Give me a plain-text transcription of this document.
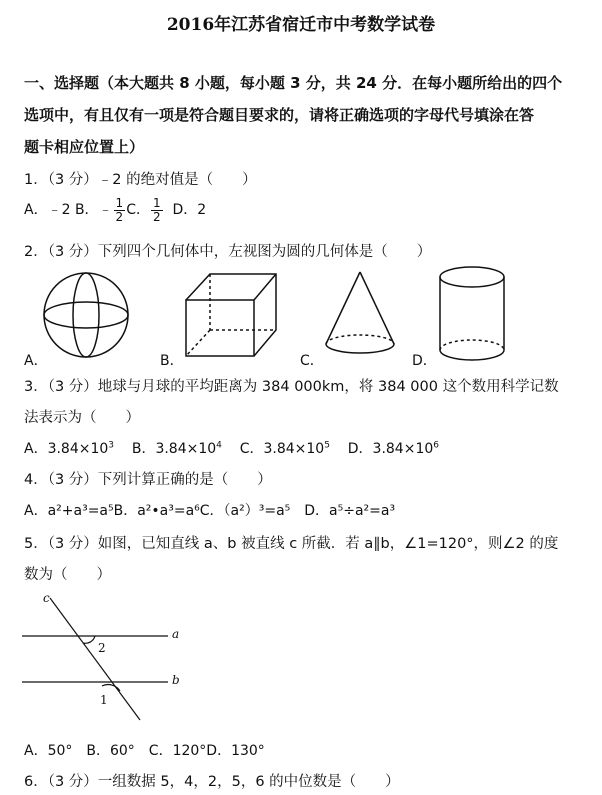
2016年江苏省宿迁市中考数学试卷
一、选择题（本大题共 8 小题，每小题 3 分，共 24 分．在每小题所给出的四个
选项中，有且仅有一项是符合题目要求的，请将正确选项的字母代号填涂在答
题卡相应位置上）
1．（3 分）﹣2 的绝对值是（　　）
A．﹣2 B．﹣ $\frac{1}{2}$ C． $\frac{1}{2}$ D．2
2．（3 分）下列四个几何体中，左视图为圆的几何体是（　　）
A．	B．	C．	D．
3．（3 分）地球与月球的平均距离为 384 000km，将 384 000 这个数用科学记数
法表示为（　　）
A．$3.84\times 10^3$ B．$3.84\times 10^4$ C．$3.84\times 10^5$ D．$3.84\times 10^6$
4．（3 分）下列计算正确的是（　　）
A．a²+a³=a⁵B．a²•a³=a⁶C．（a²）³=a⁵　D．a⁵÷a²=a³
5．（3 分）如图，已知直线 a、b 被直线 c 所截．若 a∥b，∠1=120°，则∠2 的度
数为（　　）
c
a
b
2
1
A．50°　B．60°　C．120°D．130°
6．（3 分）一组数据 5，4，2，5，6 的中位数是（　　）
